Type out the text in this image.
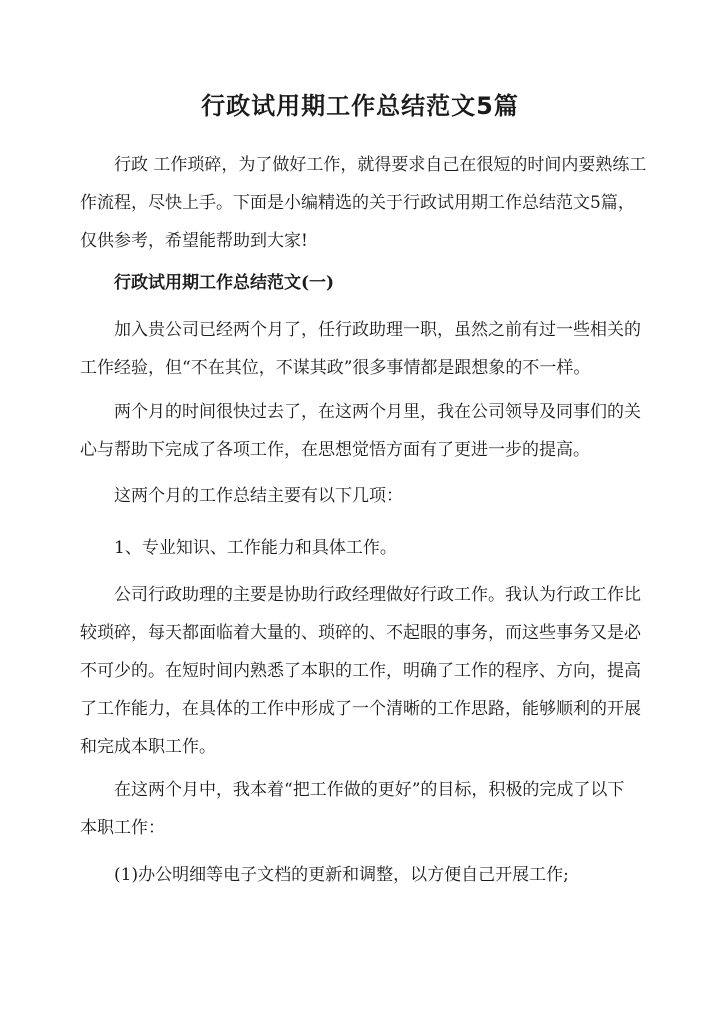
行政试用期工作总结范文5篇
行政 工作琐碎，为了做好工作，就得要求自己在很短的时间内要熟练工
作流程，尽快上手。下面是小编精选的关于行政试用期工作总结范文5篇，
仅供参考，希望能帮助到大家!
行政试用期工作总结范文(一)
加入贵公司已经两个月了，任行政助理一职，虽然之前有过一些相关的
工作经验，但“不在其位，不谋其政”很多事情都是跟想象的不一样。
两个月的时间很快过去了，在这两个月里，我在公司领导及同事们的关
心与帮助下完成了各项工作，在思想觉悟方面有了更进一步的提高。
这两个月的工作总结主要有以下几项：
1、专业知识、工作能力和具体工作。
公司行政助理的主要是协助行政经理做好行政工作。我认为行政工作比
较琐碎，每天都面临着大量的、琐碎的、不起眼的事务，而这些事务又是必
不可少的。在短时间内熟悉了本职的工作，明确了工作的程序、方向，提高
了工作能力，在具体的工作中形成了一个清晰的工作思路，能够顺利的开展
和完成本职工作。
在这两个月中，我本着“把工作做的更好”的目标，积极的完成了以下
本职工作：
(1)办公明细等电子文档的更新和调整，以方便自己开展工作;
